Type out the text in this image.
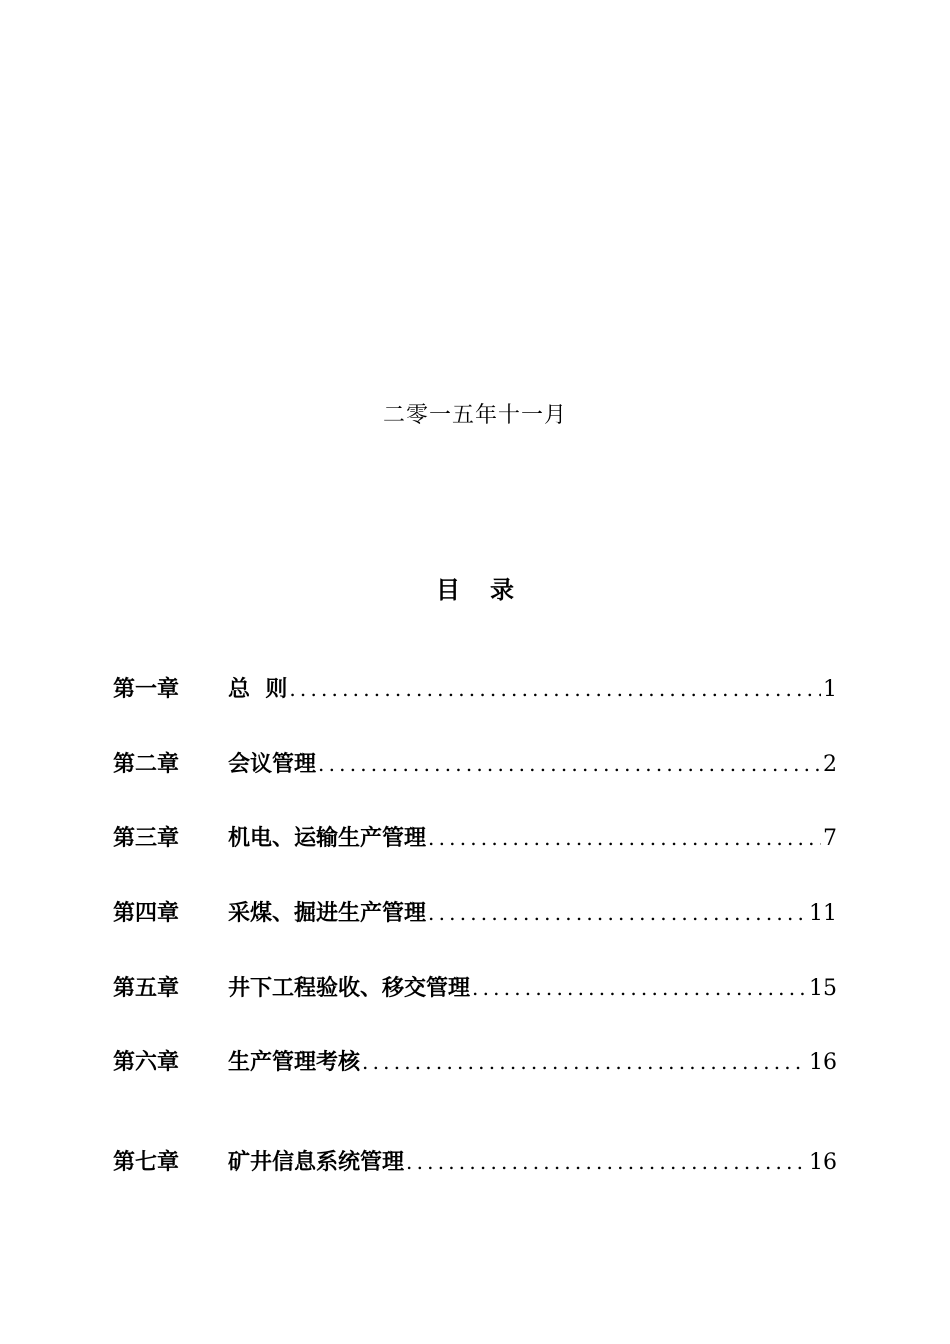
二零一五年十一月
目 录
第一章	总  则 .....	1
第二章	会议管理 .....	2
第三章	机电、运输生产管理 .....	7
第四章	采煤、掘进生产管理 .....	11
第五章	井下工程验收、移交管理 .....	15
第六章	生产管理考核 .....	16
第七章	矿井信息系统管理 .....	16
